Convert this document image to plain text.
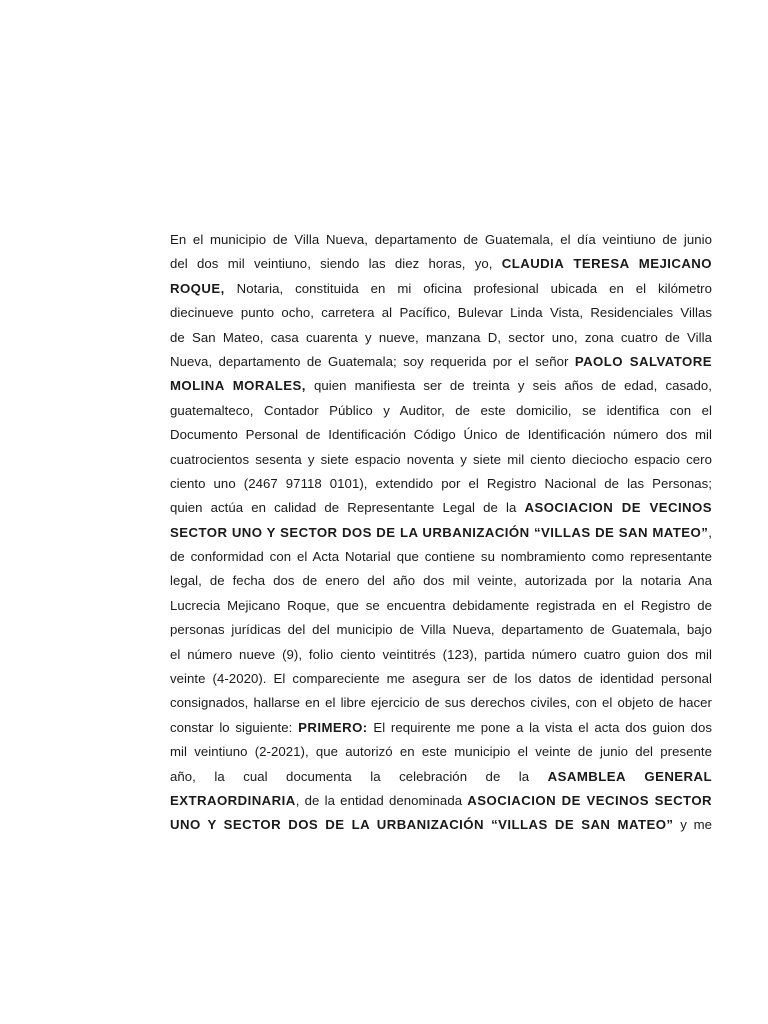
En el municipio de Villa Nueva, departamento de Guatemala, el día veintiuno de junio
del dos mil veintiuno, siendo las diez horas, yo, CLAUDIA TERESA MEJICANO
ROQUE, Notaria, constituida en mi oficina profesional ubicada en el kilómetro
diecinueve punto ocho, carretera al Pacífico, Bulevar Linda Vista, Residenciales Villas
de San Mateo, casa cuarenta y nueve, manzana D, sector uno, zona cuatro de Villa
Nueva, departamento de Guatemala; soy requerida por el señor PAOLO SALVATORE
MOLINA MORALES, quien manifiesta ser de treinta y seis años de edad, casado,
guatemalteco, Contador Público y Auditor, de este domicilio, se identifica con el
Documento Personal de Identificación Código Único de Identificación número dos mil
cuatrocientos sesenta y siete espacio noventa y siete mil ciento dieciocho espacio cero
ciento uno (2467 97118 0101), extendido por el Registro Nacional de las Personas;
quien actúa en calidad de Representante Legal de la ASOCIACION DE VECINOS
SECTOR UNO Y SECTOR DOS DE LA URBANIZACIÓN “VILLAS DE SAN MATEO”,
de conformidad con el Acta Notarial que contiene su nombramiento como representante
legal, de fecha dos de enero del año dos mil veinte, autorizada por la notaria Ana
Lucrecia Mejicano Roque, que se encuentra debidamente registrada en el Registro de
personas jurídicas del del municipio de Villa Nueva, departamento de Guatemala, bajo
el número nueve (9), folio ciento veintitrés (123), partida número cuatro guion dos mil
veinte (4-2020). El compareciente me asegura ser de los datos de identidad personal
consignados, hallarse en el libre ejercicio de sus derechos civiles, con el objeto de hacer
constar lo siguiente: PRIMERO: El requirente me pone a la vista el acta dos guion dos
mil veintiuno (2-2021), que autorizó en este municipio el veinte de junio del presente
año, la cual documenta la celebración de la ASAMBLEA GENERAL
EXTRAORDINARIA, de la entidad denominada ASOCIACION DE VECINOS SECTOR
UNO Y SECTOR DOS DE LA URBANIZACIÓN “VILLAS DE SAN MATEO” y me
